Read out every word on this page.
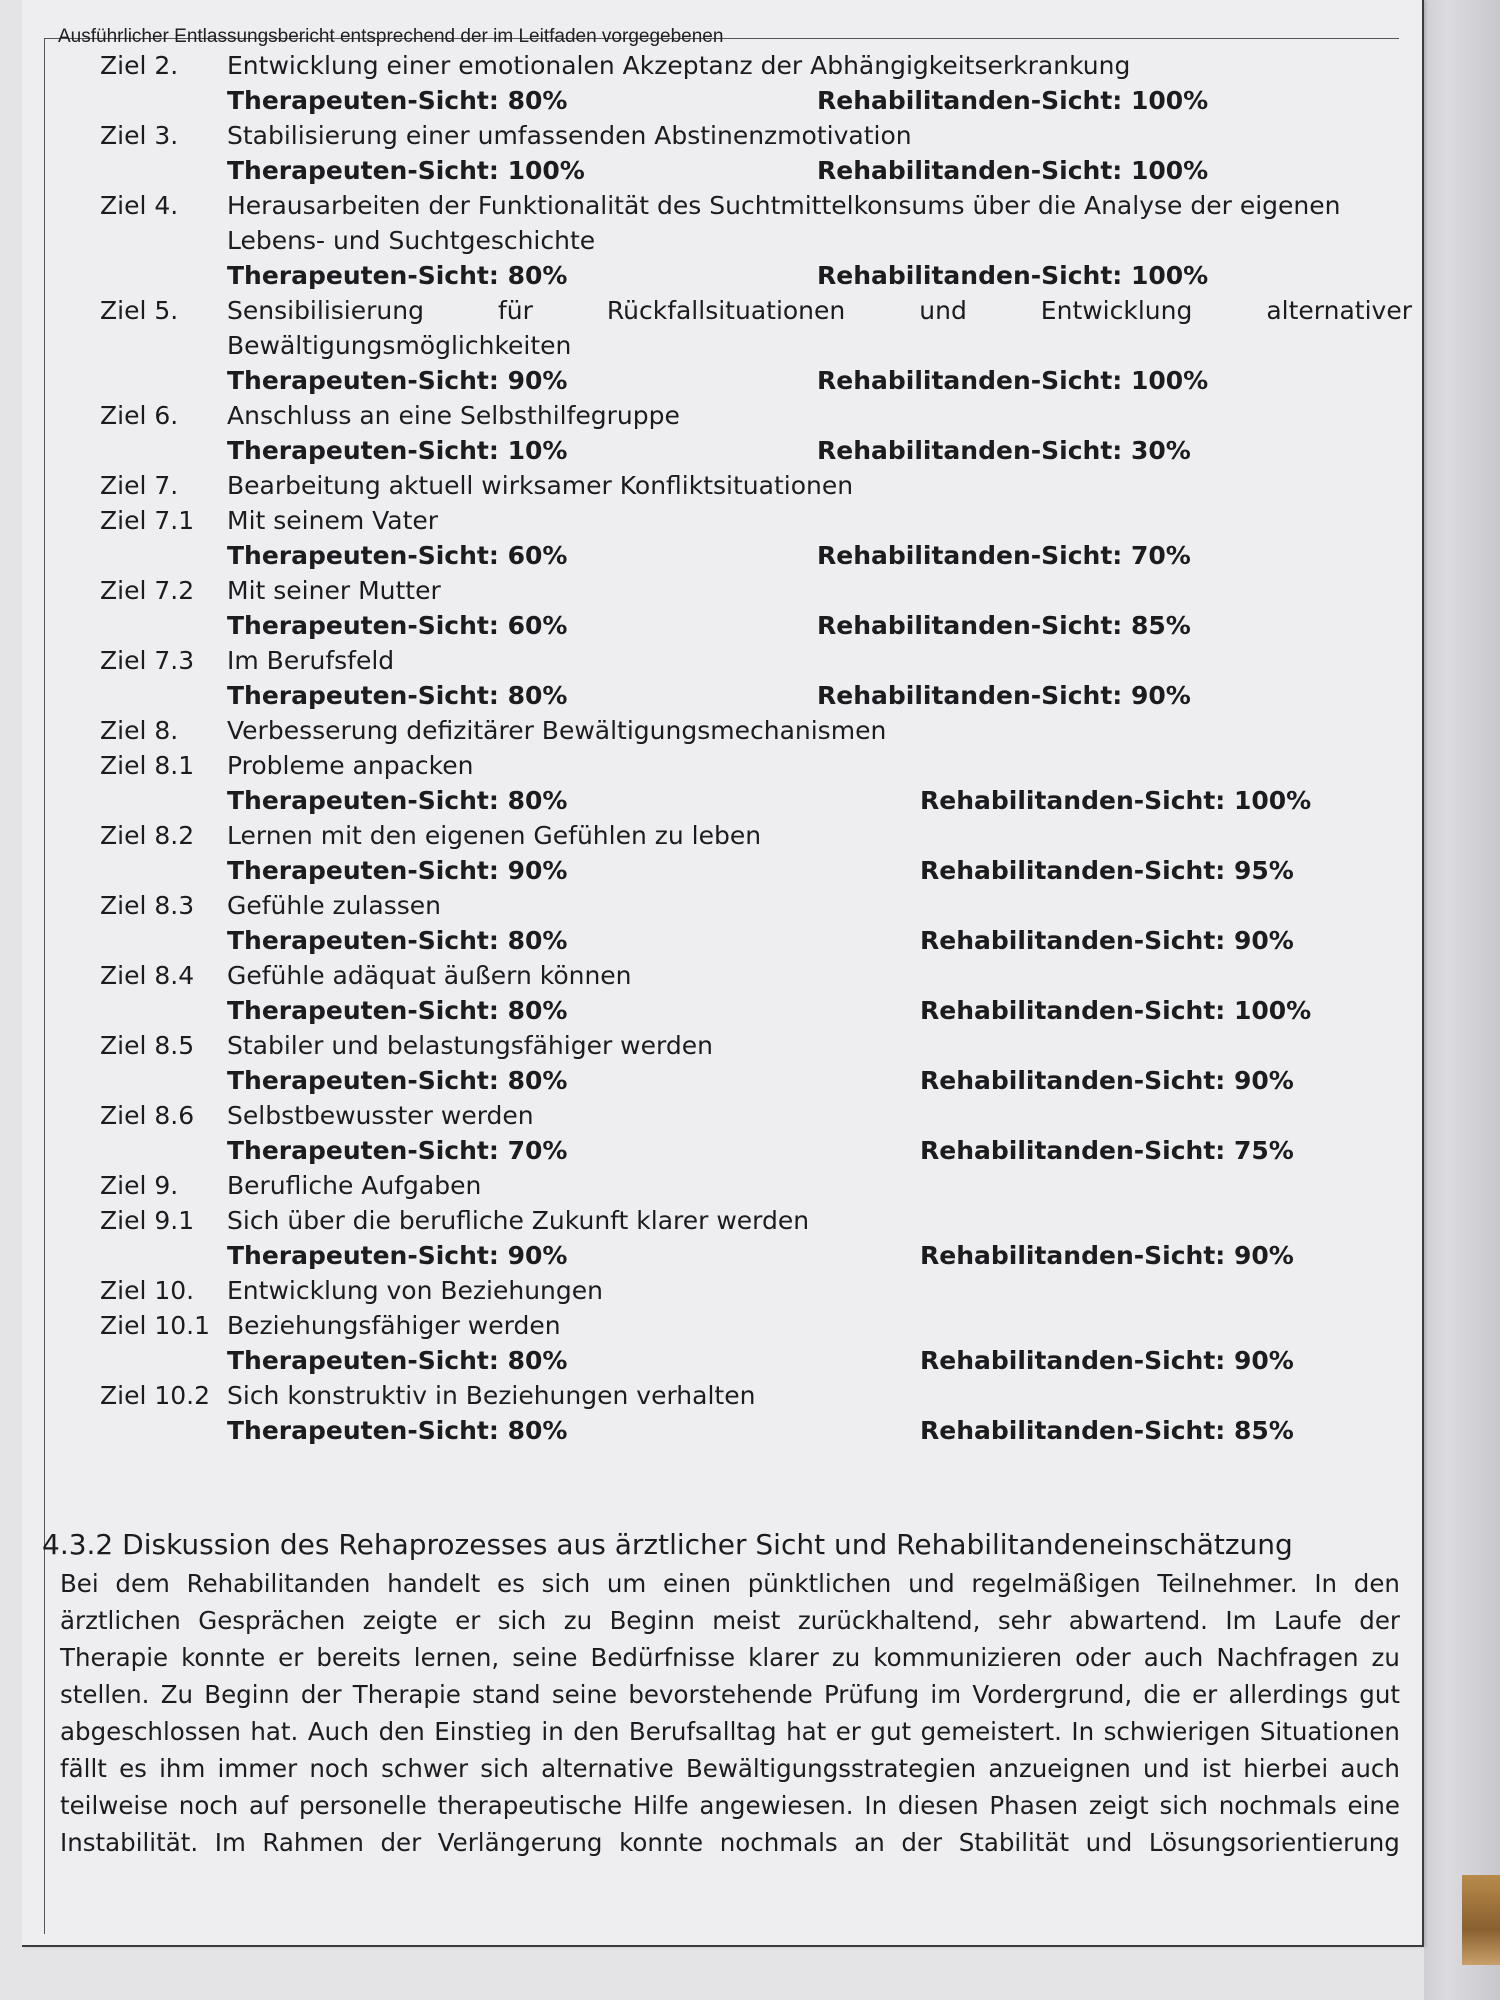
Ausführlicher Entlassungsbericht entsprechend der im Leitfaden vorgegebenen
Ziel 2. Entwicklung einer emotionalen Akzeptanz der Abhängigkeitserkrankung
Therapeuten-Sicht: 80%	Rehabilitanden-Sicht: 100%
Ziel 3. Stabilisierung einer umfassenden Abstinenzmotivation
Therapeuten-Sicht: 100%	Rehabilitanden-Sicht: 100%
Ziel 4. Herausarbeiten der Funktionalität des Suchtmittelkonsums über die Analyse der eigenen
Lebens- und Suchtgeschichte
Therapeuten-Sicht: 80%	Rehabilitanden-Sicht: 100%
Ziel 5. Sensibilisierung	für	Rückfallsituationen	und	Entwicklung	alternativer
Bewältigungsmöglichkeiten
Therapeuten-Sicht: 90%	Rehabilitanden-Sicht: 100%
Ziel 6. Anschluss an eine Selbsthilfegruppe
Therapeuten-Sicht: 10%	Rehabilitanden-Sicht: 30%
Ziel 7. Bearbeitung aktuell wirksamer Konfliktsituationen
Ziel 7.1 Mit seinem Vater
Therapeuten-Sicht: 60%	Rehabilitanden-Sicht: 70%
Ziel 7.2 Mit seiner Mutter
Therapeuten-Sicht: 60%	Rehabilitanden-Sicht: 85%
Ziel 7.3 Im Berufsfeld
Therapeuten-Sicht: 80%	Rehabilitanden-Sicht: 90%
Ziel 8. Verbesserung defizitärer Bewältigungsmechanismen
Ziel 8.1 Probleme anpacken
Therapeuten-Sicht: 80%	Rehabilitanden-Sicht: 100%
Ziel 8.2 Lernen mit den eigenen Gefühlen zu leben
Therapeuten-Sicht: 90%	Rehabilitanden-Sicht: 95%
Ziel 8.3 Gefühle zulassen
Therapeuten-Sicht: 80%	Rehabilitanden-Sicht: 90%
Ziel 8.4 Gefühle adäquat äußern können
Therapeuten-Sicht: 80%	Rehabilitanden-Sicht: 100%
Ziel 8.5 Stabiler und belastungsfähiger werden
Therapeuten-Sicht: 80%	Rehabilitanden-Sicht: 90%
Ziel 8.6 Selbstbewusster werden
Therapeuten-Sicht: 70%	Rehabilitanden-Sicht: 75%
Ziel 9. Berufliche Aufgaben
Ziel 9.1 Sich über die berufliche Zukunft klarer werden
Therapeuten-Sicht: 90%	Rehabilitanden-Sicht: 90%
Ziel 10. Entwicklung von Beziehungen
Ziel 10.1 Beziehungsfähiger werden
Therapeuten-Sicht: 80%	Rehabilitanden-Sicht: 90%
Ziel 10.2 Sich konstruktiv in Beziehungen verhalten
Therapeuten-Sicht: 80%	Rehabilitanden-Sicht: 85%
4.3.2 Diskussion des Rehaprozesses aus ärztlicher Sicht und Rehabilitandeneinschätzung
Bei dem Rehabilitanden handelt es sich um einen pünktlichen und regelmäßigen Teilnehmer. In den
ärztlichen Gesprächen zeigte er sich zu Beginn meist zurückhaltend, sehr abwartend. Im Laufe der
Therapie konnte er bereits lernen, seine Bedürfnisse klarer zu kommunizieren oder auch Nachfragen zu
stellen. Zu Beginn der Therapie stand seine bevorstehende Prüfung im Vordergrund, die er allerdings gut
abgeschlossen hat. Auch den Einstieg in den Berufsalltag hat er gut gemeistert. In schwierigen Situationen
fällt es ihm immer noch schwer sich alternative Bewältigungsstrategien anzueignen und ist hierbei auch
teilweise noch auf personelle therapeutische Hilfe angewiesen. In diesen Phasen zeigt sich nochmals eine
Instabilität. Im Rahmen der Verlängerung konnte nochmals an der Stabilität und Lösungsorientierung
